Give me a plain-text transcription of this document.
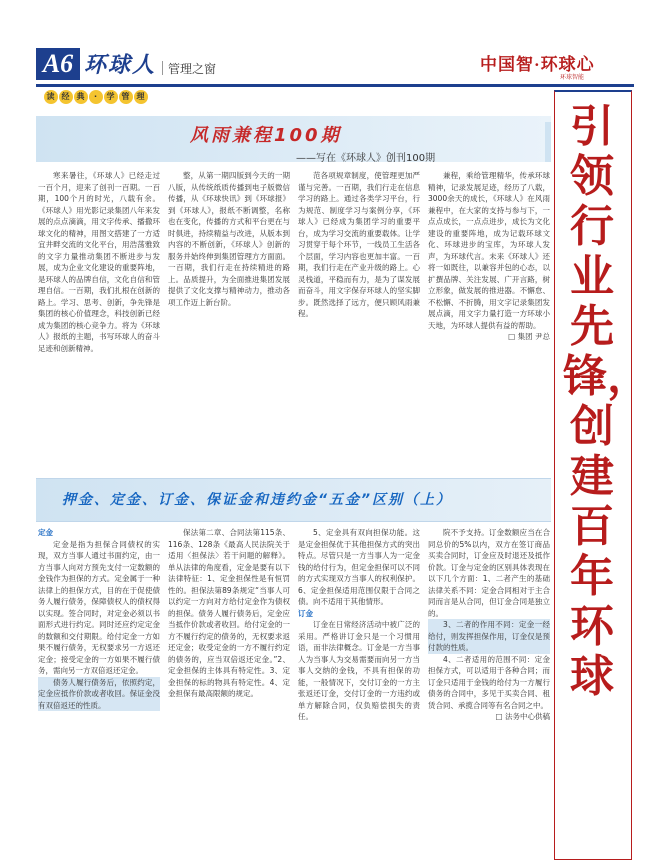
A6 环球人 管理之窗	中国智·环球心
环球智能
读 经 典 · 学 管 理
风雨兼程100期
——写在《环球人》创刊100期
引领行业先锋，创建百年环球

寒来暑往，《环球人》已经走过一百个月，迎来了创刊一百期。一百期，100个月的时光，八载有余。《环球人》用光影记录集团八年来发展的点点滴滴，用文字传承、播撒环球文化的精神，用图文搭建了一方适宜井畔交流的文化平台，用浩荡雅致的文字力量推动集团不断进步与发展，成为企业文化建设的重要阵地，是环球人的品牌自信，文化自信和管理自信。一百期，我们扎根在创新的路上。学习、思考、创新，争先锋是集团的核心价值理念，科技创新已经成为集团的核心竞争力。将为《环球人》报纸的主题，书写环球人的奋斗足迹和创新精神。

整，从第一期四版到今天的一期八版，从传统纸质传播到电子版微信传播，从《环球快讯》到《环球报》到《环球人》，报纸不断调整，名称也在变化，传播的方式和平台更在与时俱进，持续精益与改进，从版本到内容的不断创新，《环球人》创新的服务并始终伸到集团管理方方面面。一百期，我们行走在持续精进的路上。品质提升，为全面推进集团发展提供了文化支撑与精神动力，推动各项工作迈上新台阶。

范各项规章制度，使管理更加严谨与完善。一百期，我们行走在信息学习的路上。通过各类学习平台，行为规范、制度学习与案例分享，《环球人》已经成为集团学习的重要平台，成为学习交流的重要载体。让学习贯穿于每个环节，一线员工生活各个层面，学习内容也更加丰富。一百期，我们行走在产业升级的路上。心灵栈道，平稳而有力，是为了谋发展而奋斗，用文字保存环球人的坚实脚步。既然选择了远方，便只顾风雨兼程。

兼程，乘给管理精华，传承环球精神，记录发展足迹，经历了八载，3000余天的成长，《环球人》在风雨兼程中，在大家的支持与参与下，一点点成长，一点点进步，成长为文化建设的重要阵地，成为记载环球文化、环球进步的宝库，为环球人发声，为环球代言。未来《环球人》还将一如既往，以兼容并包的心态，以扩撰品牌、关注发展、广开言路，树立形象，做发展的推进器。不懈怠、不松懈、不折腾，用文字记录集团发展点滴，用文字力量打造一方环球小天地，为环球人提供有益的帮助。

□ 集团 尹总

押金、定金、订金、保证金和违约金“五金”区别（上）

定金

定金是指为担保合同债权的实现，双方当事人通过书面约定，由一方当事人向对方预先支付一定数额的金钱作为担保的方式。定金属于一种法律上的担保方式，目的在于促使债务人履行债务，保障债权人的债权得以实现。签合同时，对定金必须以书面形式进行约定。同时还应约定定金的数额和交付期限。给付定金一方如果不履行债务，无权要求另一方返还定金；接受定金的一方如果不履行债务，需向另一方双倍返还定金。

债务人履行债务后，依照约定，定金应抵作价款或者收回。保证金没有双倍返还的性质。

保法第二章、合同法第115条、116条、128条《最高人民法院关于适用〈担保法〉若干问题的解释》。单从法律的角度看，定金是要有以下法律特征：1、定金担保性是有恒罚性的。担保法第89条规定“当事人可以约定一方向对方给付定金作为债权的担保。债务人履行债务后，定金应当抵作价款或者收回。给付定金的一方不履行约定的债务的，无权要求返还定金；收受定金的一方不履行约定的债务的，应当双倍返还定金。”2、定金担保的主体具有特定性。3、定金担保的标的物具有特定性。4、定金担保有最高限额的规定。

5、定金具有双向担保功能。这是定金担保优于其他担保方式的突出特点。尽管只是一方当事人为一定金钱的给付行为，但定金担保可以不同的方式实现双方当事人的权利保护。6、定金担保适用范围仅限于合同之债。向不适用于其他情形。

订金

订金在日常经济活动中被广泛的采用。严格讲订金只是一个习惯用语，而非法律概念。订金是一方当事人为当事人为交易需要而向另一方当事人交纳的金钱，不具有担保的功能，一般情况下，交付订金的一方主张返还订金，交付订金的一方违约或单方解除合同，仅负赔偿损失的责任。

院不予支持。订金数额应当在合同总价的5%以内，双方在签订商品买卖合同时，订金应及时退还及抵作价款。订金与定金的区别具体表现在以下几个方面：1、二者产生的基础法律关系不同：定金合同相对于主合同而言是从合同，但订金合同是独立的。

3、二者的作用不同：定金一经给付，则发挥担保作用，订金仅是预付款的性质。

4、二者适用的范围不同：定金担保方式，可以适用于各种合同；而订金只适用于金钱的给付为一方履行债务的合同中，多见于买卖合同、租赁合同、承揽合同等有名合同之中。

□ 法务中心供稿
